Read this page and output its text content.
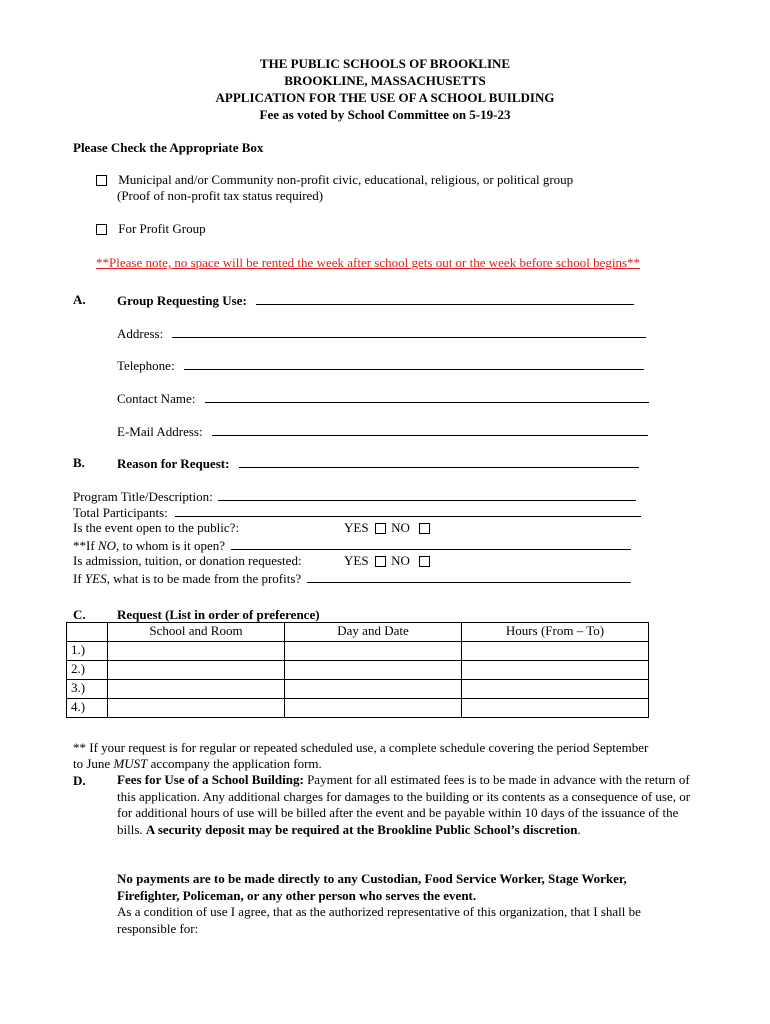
THE PUBLIC SCHOOLS OF BROOKLINE
BROOKLINE, MASSACHUSETTS
APPLICATION FOR THE USE OF A SCHOOL BUILDING
Fee as voted by School Committee on 5-19-23
Please Check the Appropriate Box
Municipal and/or Community non-profit civic, educational, religious, or political group
(Proof of non-profit tax status required)
For Profit Group
**Please note, no space will be rented the week after school gets out or the week before school begins**
A. Group Requesting Use:
Address:
Telephone:
Contact Name:
E-Mail Address:
B. Reason for Request:
Program Title/Description:
Total Participants:
Is the event open to the public?:	YES NO
**If NO, to whom is it open?
Is admission, tuition, or donation requested:	YES NO
If YES, what is to be made from the profits?
C. Request (List in order of preference)
	School and Room	Day and Date	Hours (From – To)
1.)			
2.)			
3.)			
4.)			
** If your request is for regular or repeated scheduled use, a complete schedule covering the period September
to June MUST accompany the application form.
D. Fees for Use of a School Building: Payment for all estimated fees is to be made in advance with the return of this application. Any additional charges for damages to the building or its contents as a consequence of use, or for additional hours of use will be billed after the event and be payable within 10 days of the issuance of the bills. A security deposit may be required at the Brookline Public School’s discretion.
No payments are to be made directly to any Custodian, Food Service Worker, Stage Worker, Firefighter, Policeman, or any other person who serves the event.
As a condition of use I agree, that as the authorized representative of this organization, that I shall be responsible for:
